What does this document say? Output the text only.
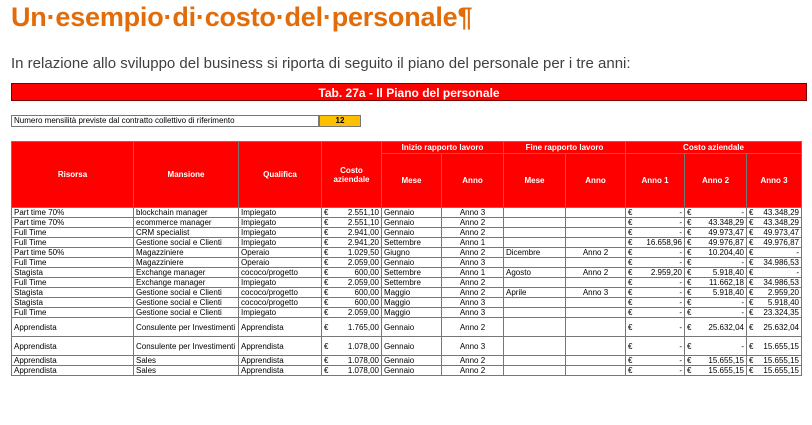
Un·esempio·di·costo·del·personale¶
In relazione allo sviluppo del business si riporta di seguito il piano del personale per i tre anni:
Tab. 27a - Il Piano del personale
Numero mensilità previste dal contratto collettivo di riferimento	12
Risorsa	Mansione	Qualifica	Costo aziendale	Inizio rapporto lavoro		Fine rapporto lavoro		Costo aziendale		
				Mese	Anno	Mese	Anno	Anno 1	Anno 2	Anno 3
Part time 70%	blockchain manager	Impiegato	€ 2.551,10	Gennaio	Anno 3			€ -	€ -	€ 43.348,29

Part time 70%	ecommerce manager	Impiegato	€ 2.551,10	Gennaio	Anno 2			€ -	€ 43.348,29	€ 43.348,29

Full Time	CRM specialist	Impiegato	€ 2.941,00	Gennaio	Anno 2			€ -	€ 49.973,47	€ 49.973,47

Full Time	Gestione social e Clienti	Impiegato	€ 2.941,20	Settembre	Anno 1			€ 16.658,96	€ 49.976,87	€ 49.976,87

Part time 50%	Magazziniere	Operaio	€ 1.029,50	Giugno	Anno 2	Dicembre	Anno 2	€ -	€ 10.204,40	€ -

Full Time	Magazziniere	Operaio	€ 2.059,00	Gennaio	Anno 3			€ -	€ -	€ 34.986,53

Stagista	Exchange manager	cococo/progetto	€ 600,00	Settembre	Anno 1	Agosto	Anno 2	€ 2.959,20	€ 5.918,40	€ -

Full Time	Exchange manager	Impiegato	€ 2.059,00	Settembre	Anno 2			€ -	€ 11.662,18	€ 34.986,53

Stagista	Gestione social e Clienti	cococo/progetto	€ 600,00	Maggio	Anno 2	Aprile	Anno 3	€ -	€ 5.918,40	€ 2.959,20

Stagista	Gestione social e Clienti	cococo/progetto	€ 600,00	Maggio	Anno 3			€ -	€ -	€ 5.918,40

Full Time	Gestione social e Clienti	Impiegato	€ 2.059,00	Maggio	Anno 3			€ -	€ -	€ 23.324,35

Apprendista	Consulente per Investimenti	Apprendista	€ 1.765,00	Gennaio	Anno 2			€ -	€ 25.632,04	€ 25.632,04

Apprendista	Consulente per Investimenti	Apprendista	€ 1.078,00	Gennaio	Anno 3			€ -	€ -	€ 15.655,15

Apprendista	Sales	Apprendista	€ 1.078,00	Gennaio	Anno 2			€ -	€ 15.655,15	€ 15.655,15

Apprendista	Sales	Apprendista	€ 1.078,00	Gennaio	Anno 2			€ -	€ 15.655,15	€ 15.655,15
